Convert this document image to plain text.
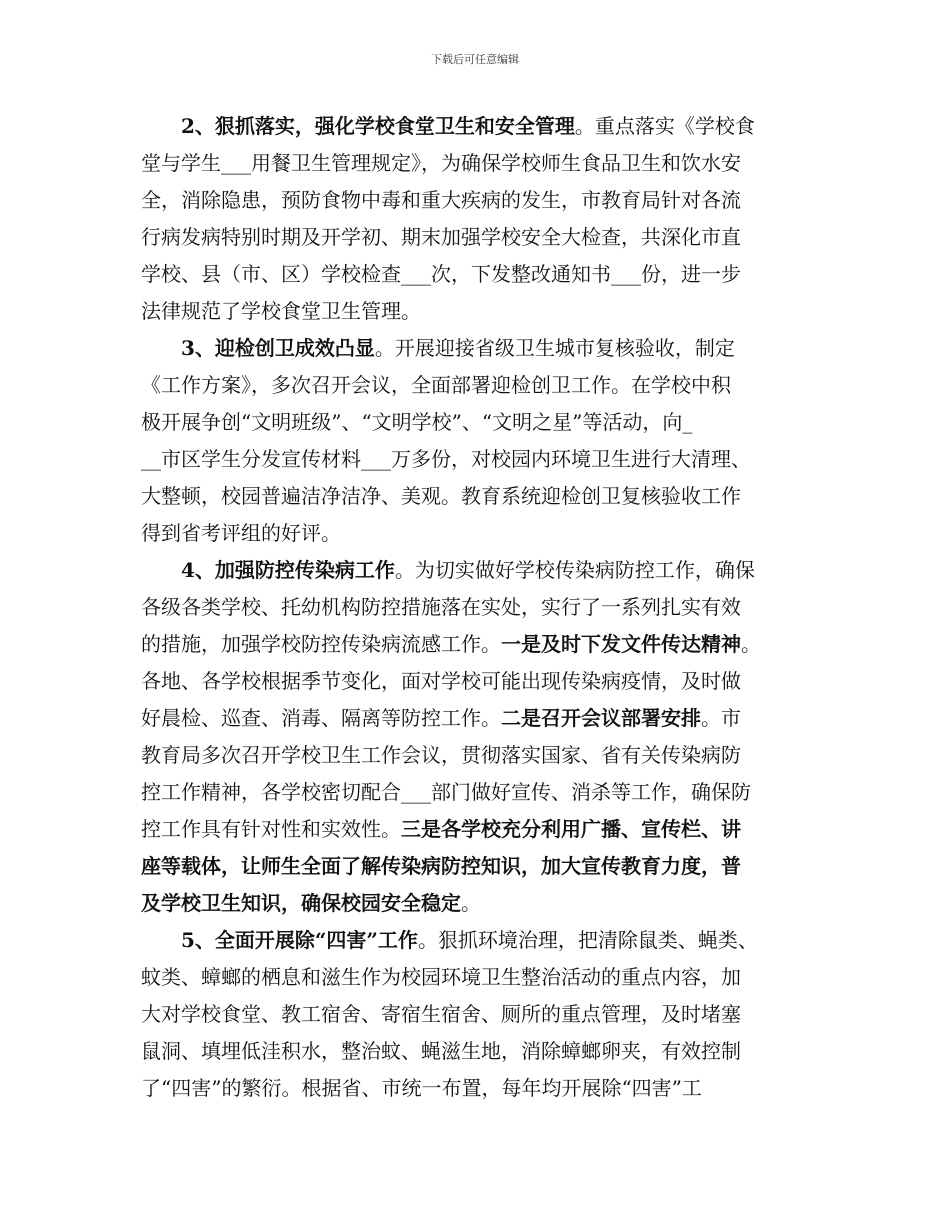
下载后可任意编辑
2、狠抓落实，强化学校食堂卫生和安全管理。重点落实《学校食
堂与学生___用餐卫生管理规定》，为确保学校师生食品卫生和饮水安
全，消除隐患，预防食物中毒和重大疾病的发生，市教育局针对各流
行病发病特别时期及开学初、期末加强学校安全大检查，共深化市直
学校、县（市、区）学校检查___次，下发整改通知书___份，进一步
法律规范了学校食堂卫生管理。
3、迎检创卫成效凸显。开展迎接省级卫生城市复核验收，制定
《工作方案》，多次召开会议，全面部署迎检创卫工作。在学校中积
极开展争创“文明班级”、“文明学校”、“文明之星”等活动，向_
__市区学生分发宣传材料___万多份，对校园内环境卫生进行大清理、
大整顿，校园普遍洁净洁净、美观。教育系统迎检创卫复核验收工作
得到省考评组的好评。
4、加强防控传染病工作。为切实做好学校传染病防控工作，确保
各级各类学校、托幼机构防控措施落在实处，实行了一系列扎实有效
的措施，加强学校防控传染病流感工作。一是及时下发文件传达精神。
各地、各学校根据季节变化，面对学校可能出现传染病疫情，及时做
好晨检、巡查、消毒、隔离等防控工作。二是召开会议部署安排。市
教育局多次召开学校卫生工作会议，贯彻落实国家、省有关传染病防
控工作精神，各学校密切配合___部门做好宣传、消杀等工作，确保防
控工作具有针对性和实效性。三是各学校充分利用广播、宣传栏、讲
座等载体，让师生全面了解传染病防控知识，加大宣传教育力度，普
及学校卫生知识，确保校园安全稳定。
5、全面开展除“四害”工作。狠抓环境治理，把清除鼠类、蝇类、
蚊类、蟑螂的栖息和滋生作为校园环境卫生整治活动的重点内容，加
大对学校食堂、教工宿舍、寄宿生宿舍、厕所的重点管理，及时堵塞
鼠洞、填埋低洼积水，整治蚊、蝇滋生地，消除蟑螂卵夹，有效控制
了“四害”的繁衍。根据省、市统一布置，每年均开展除“四害”工
